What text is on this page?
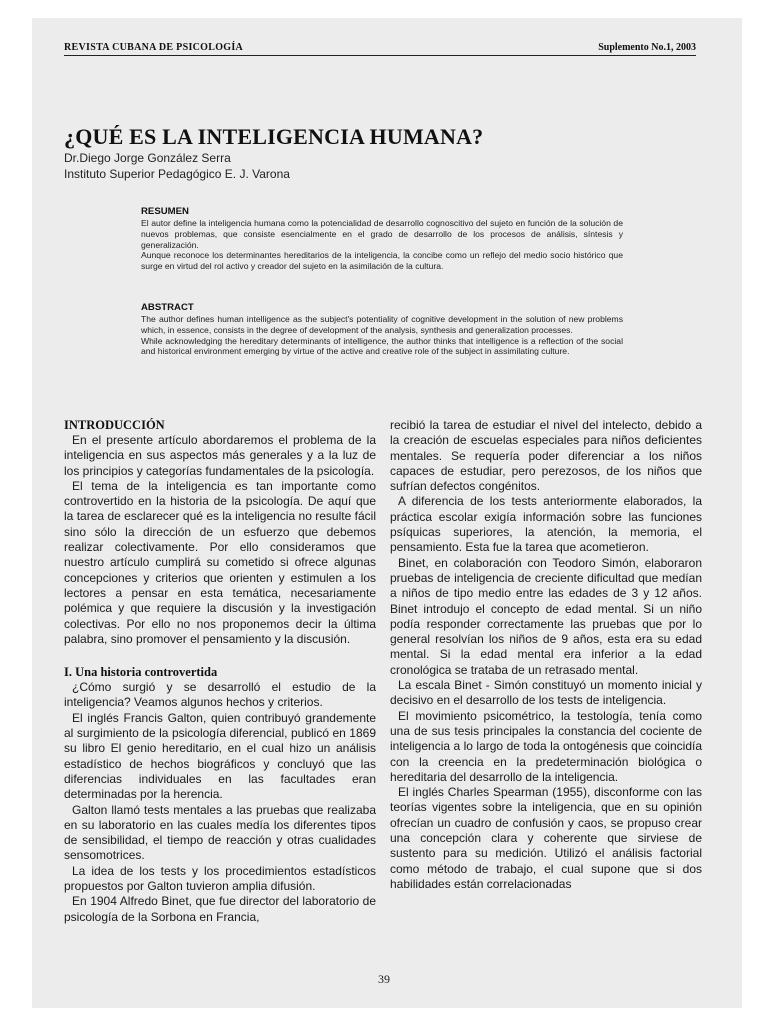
REVISTA CUBANA DE PSICOLOGÍA	Suplemento No.1, 2003
¿QUÉ ES LA INTELIGENCIA HUMANA?
Dr.Diego Jorge González Serra
Instituto Superior Pedagógico E. J. Varona
RESUMEN

El autor define la inteligencia humana como la potencialidad de desarrollo cognoscitivo del sujeto en función de la solución de nuevos problemas, que consiste esencialmente en el grado de desarrollo de los procesos de análisis, síntesis y generalización.

Aunque reconoce los determinantes hereditarios de la inteligencia, la concibe como un reflejo del medio socio histórico que surge en virtud del rol activo y creador del sujeto en la asimilación de la cultura.

ABSTRACT

The author defines human intelligence as the subject's potentiality of cognitive development in the solution of new problems which, in essence, consists in the degree of development of the analysis, synthesis and generalization processes.

While acknowledging the hereditary determinants of intelligence, the author thinks that intelligence is a reflection of the social and historical environment emerging by virtue of the active and creative role of the subject in assimilating culture.

INTRODUCCIÓN

En el presente artículo abordaremos el problema de la inteligencia en sus aspectos más generales y a la luz de los principios y categorías fundamentales de la psicología.

El tema de la inteligencia es tan importante como controvertido en la historia de la psicología. De aquí que la tarea de esclarecer qué es la inteligencia no resulte fácil sino sólo la dirección de un esfuerzo que debemos realizar colectivamente. Por ello consideramos que nuestro artículo cumplirá su cometido si ofrece algunas concepciones y criterios que orienten y estimulen a los lectores a pensar en esta temática, necesariamente polémica y que requiere la discusión y la investigación colectivas. Por ello no nos proponemos decir la última palabra, sino promover el pensamiento y la discusión.

I. Una historia controvertida

¿Cómo surgió y se desarrolló el estudio de la inteligencia? Veamos algunos hechos y criterios.

El inglés Francis Galton, quien contribuyó grandemente al surgimiento de la psicología diferencial, publicó en 1869 su libro El genio hereditario, en el cual hizo un análisis estadístico de hechos biográficos y concluyó que las diferencias individuales en las facultades eran determinadas por la herencia.

Galton llamó tests mentales a las pruebas que realizaba en su laboratorio en las cuales medía los diferentes tipos de sensibilidad, el tiempo de reacción y otras cualidades sensomotrices.

La idea de los tests y los procedimientos estadísticos propuestos por Galton tuvieron amplia difusión.

En 1904 Alfredo Binet, que fue director del laboratorio de psicología de la Sorbona en Francia,

recibió la tarea de estudiar el nivel del intelecto, debido a la creación de escuelas especiales para niños deficientes mentales. Se requería poder diferenciar a los niños capaces de estudiar, pero perezosos, de los niños que sufrían defectos congénitos.

A diferencia de los tests anteriormente elaborados, la práctica escolar exigía información sobre las funciones psíquicas superiores, la atención, la memoria, el pensamiento. Esta fue la tarea que acometieron.

Binet, en colaboración con Teodoro Simón, elaboraron pruebas de inteligencia de creciente dificultad que medían a niños de tipo medio entre las edades de 3 y 12 años. Binet introdujo el concepto de edad mental. Si un niño podía responder correctamente las pruebas que por lo general resolvían los niños de 9 años, esta era su edad mental. Si la edad mental era inferior a la edad cronológica se trataba de un retrasado mental.

La escala Binet - Simón constituyó un momento inicial y decisivo en el desarrollo de los tests de inteligencia.

El movimiento psicométrico, la testología, tenía como una de sus tesis principales la constancia del cociente de inteligencia a lo largo de toda la ontogénesis que coincidía con la creencia en la predeterminación biológica o hereditaria del desarrollo de la inteligencia.

El inglés Charles Spearman (1955), disconforme con las teorías vigentes sobre la inteligencia, que en su opinión ofrecían un cuadro de confusión y caos, se propuso crear una concepción clara y coherente que sirviese de sustento para su medición. Utilizó el análisis factorial como método de trabajo, el cual supone que si dos habilidades están correlacionadas

39
